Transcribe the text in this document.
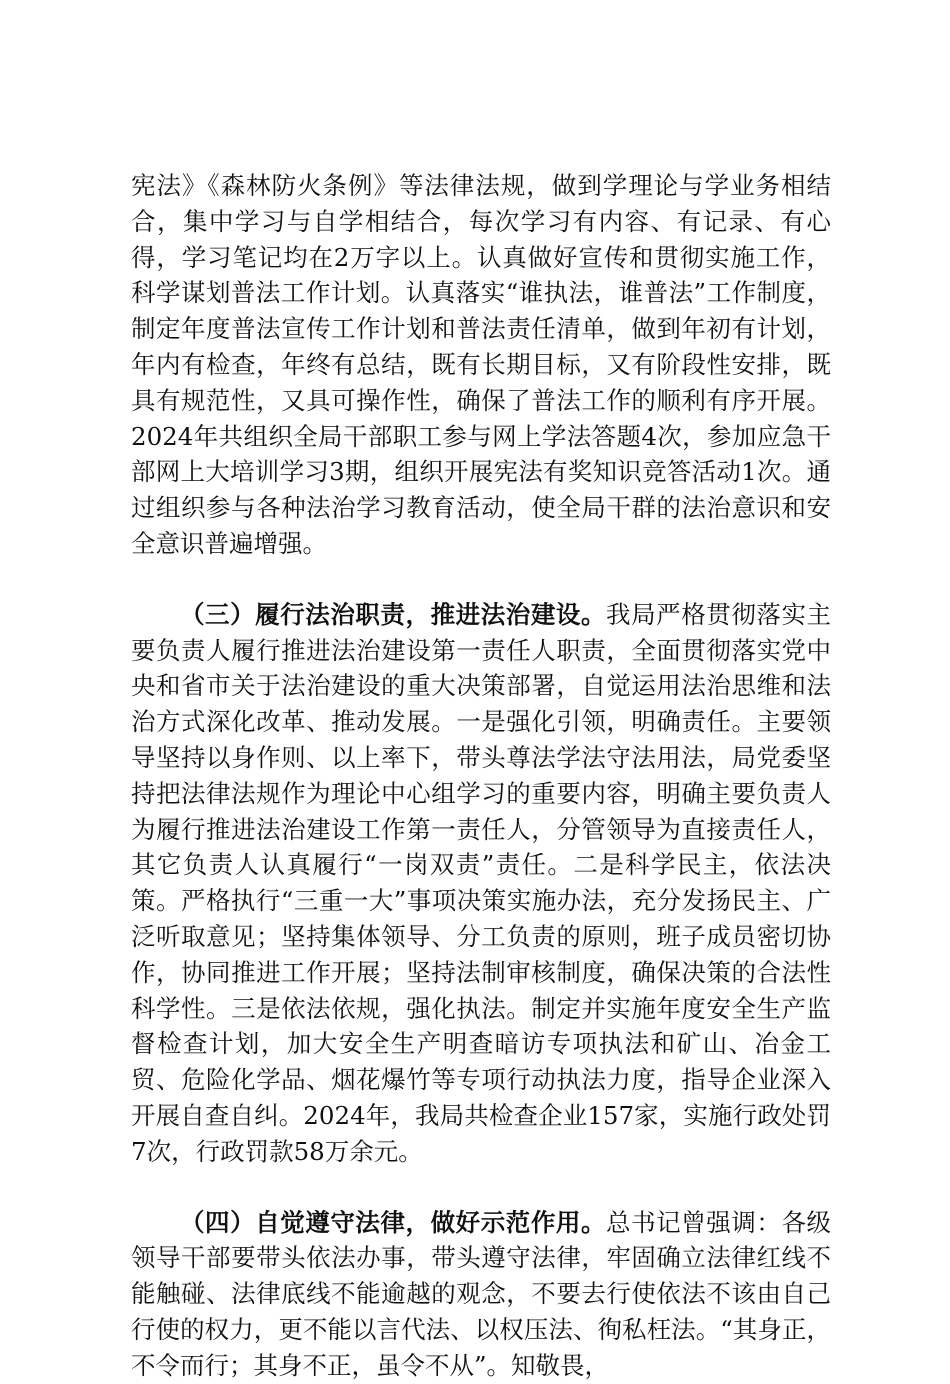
宪法》《森林防火条例》等法律法规，做到学理论与学业务相结合，集中学习与自学相结合，每次学习有内容、有记录、有心得，学习笔记均在2万字以上。认真做好宣传和贯彻实施工作，科学谋划普法工作计划。认真落实“谁执法，谁普法”工作制度，制定年度普法宣传工作计划和普法责任清单，做到年初有计划，年内有检查，年终有总结，既有长期目标，又有阶段性安排，既具有规范性，又具可操作性，确保了普法工作的顺利有序开展。2024年共组织全局干部职工参与网上学法答题4次，参加应急干部网上大培训学习3期，组织开展宪法有奖知识竞答活动1次。通过组织参与各种法治学习教育活动，使全局干群的法治意识和安全意识普遍增强。

（三）履行法治职责，推进法治建设。我局严格贯彻落实主要负责人履行推进法治建设第一责任人职责，全面贯彻落实党中央和省市关于法治建设的重大决策部署，自觉运用法治思维和法治方式深化改革、推动发展。一是强化引领，明确责任。主要领导坚持以身作则、以上率下，带头尊法学法守法用法，局党委坚持把法律法规作为理论中心组学习的重要内容，明确主要负责人为履行推进法治建设工作第一责任人，分管领导为直接责任人，其它负责人认真履行“一岗双责”责任。二是科学民主，依法决策。严格执行“三重一大”事项决策实施办法，充分发扬民主、广泛听取意见；坚持集体领导、分工负责的原则，班子成员密切协作，协同推进工作开展；坚持法制审核制度，确保决策的合法性科学性。三是依法依规，强化执法。制定并实施年度安全生产监督检查计划，加大安全生产明查暗访专项执法和矿山、冶金工贸、危险化学品、烟花爆竹等专项行动执法力度，指导企业深入开展自查自纠。2024年，我局共检查企业157家，实施行政处罚7次，行政罚款58万余元。

（四）自觉遵守法律，做好示范作用。总书记曾强调：各级领导干部要带头依法办事，带头遵守法律，牢固确立法律红线不能触碰、法律底线不能逾越的观念，不要去行使依法不该由自己行使的权力，更不能以言代法、以权压法、徇私枉法。“其身正，不令而行；其身不正，虽令不从”。知敬畏，
